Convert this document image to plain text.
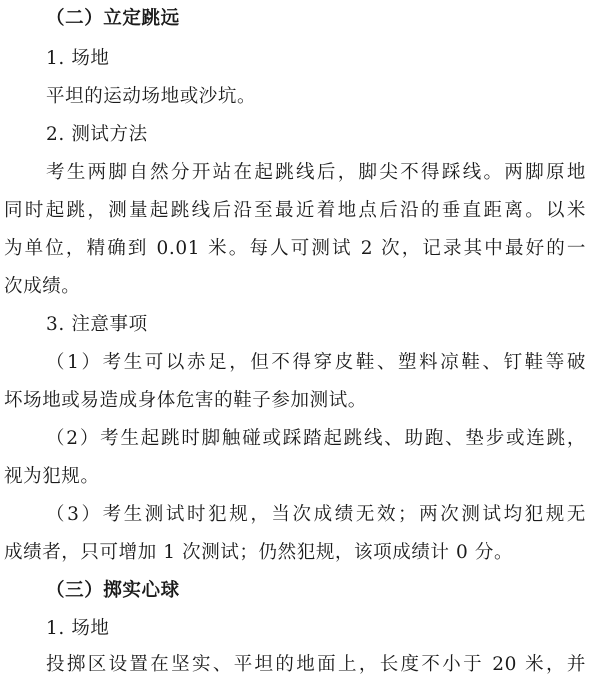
（二）立定跳远
1. 场地
平坦的运动场地或沙坑。
2. 测试方法
考生两脚自然分开站在起跳线后，脚尖不得踩线。两脚原地
同时起跳，测量起跳线后沿至最近着地点后沿的垂直距离。以米
为单位，精确到 0.01 米。每人可测试 2 次，记录其中最好的一
次成绩。
3. 注意事项
（1）考生可以赤足，但不得穿皮鞋、塑料凉鞋、钉鞋等破
坏场地或易造成身体危害的鞋子参加测试。
（2）考生起跳时脚触碰或踩踏起跳线、助跑、垫步或连跳，
视为犯规。
（3）考生测试时犯规，当次成绩无效；两次测试均犯规无
成绩者，只可增加 1 次测试；仍然犯规，该项成绩计 0 分。
（三）掷实心球
1. 场地
投掷区设置在坚实、平坦的地面上，长度不小于 20 米，并
